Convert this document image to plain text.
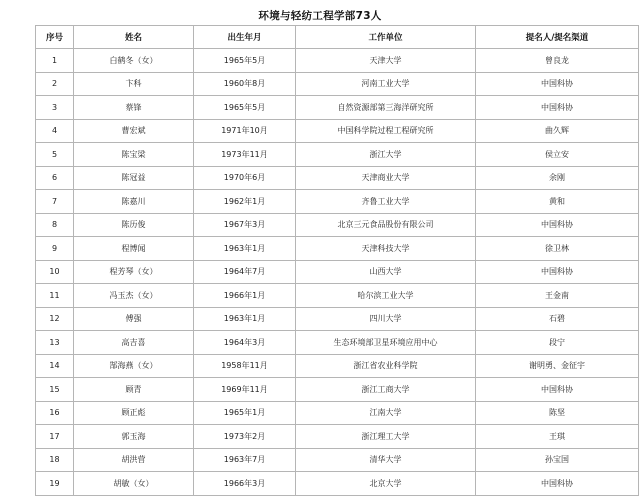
环境与轻纺工程学部73人
序号	姓名	出生年月	工作单位	提名人/提名渠道
1	白鹤冬（女）	1965年5月	天津大学	曾良龙
2	卞科	1960年8月	河南工业大学	中国科协
3	蔡锋	1965年5月	自然资源部第三海洋研究所	中国科协
4	曹宏斌	1971年10月	中国科学院过程工程研究所	曲久辉
5	陈宝梁	1973年11月	浙江大学	侯立安
6	陈冠益	1970年6月	天津商业大学	余刚
7	陈嘉川	1962年1月	齐鲁工业大学	黄和
8	陈历俊	1967年3月	北京三元食品股份有限公司	中国科协
9	程博闻	1963年1月	天津科技大学	徐卫林
10	程芳琴（女）	1964年7月	山西大学	中国科协
11	冯玉杰（女）	1966年1月	哈尔滨工业大学	王金南
12	傅强	1963年1月	四川大学	石碧
13	高吉喜	1964年3月	生态环境部卫星环境应用中心	段宁
14	郜海燕（女）	1958年11月	浙江省农业科学院	谢明勇、金征宇
15	顾青	1969年11月	浙江工商大学	中国科协
16	顾正彪	1965年1月	江南大学	陈坚
17	郭玉海	1973年2月	浙江理工大学	王琪
18	胡洪营	1963年7月	清华大学	孙宝国
19	胡敏（女）	1966年3月	北京大学	中国科协
